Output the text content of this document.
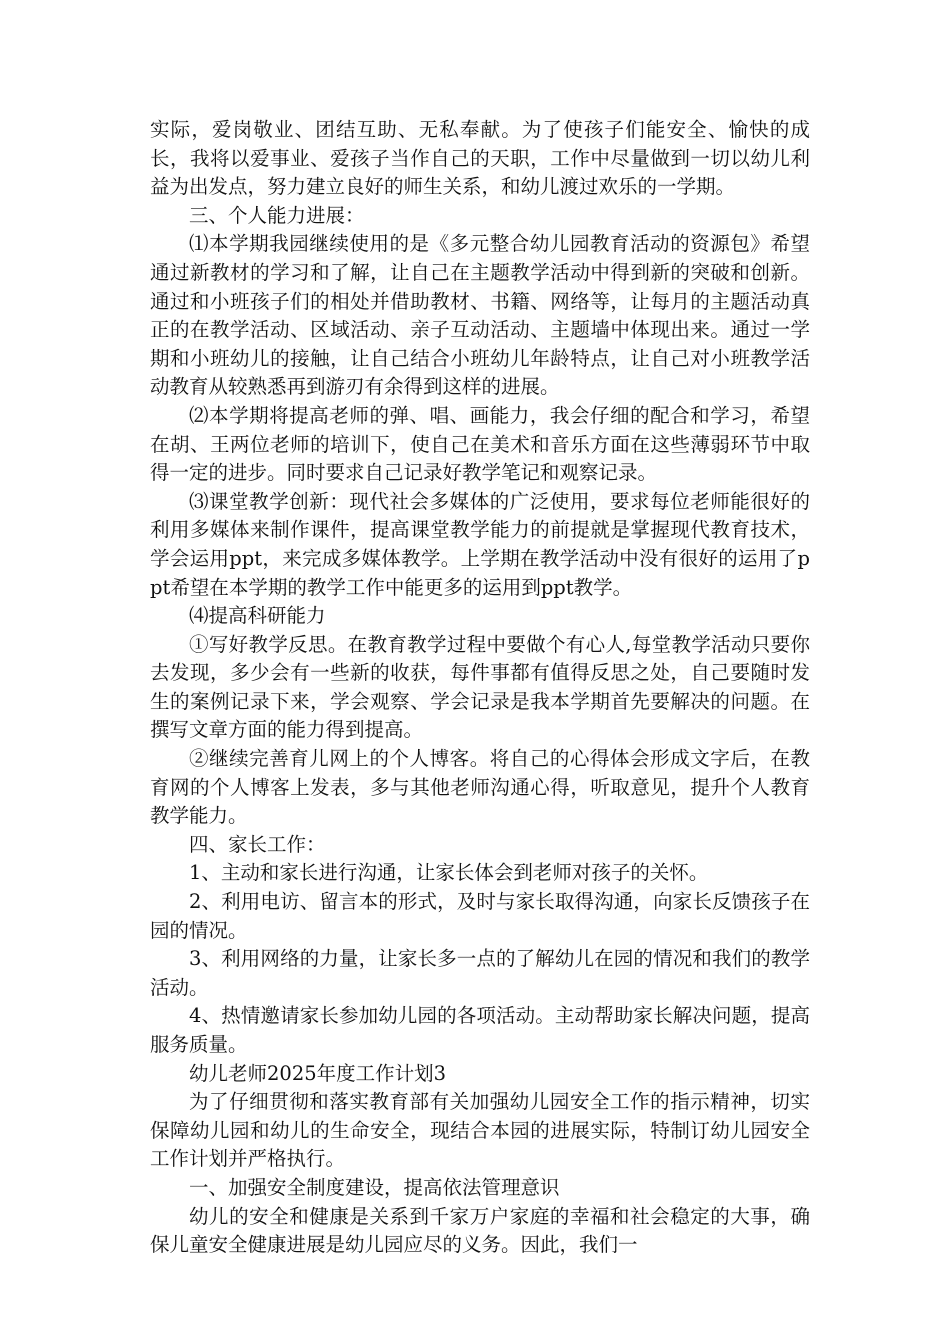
实际，爱岗敬业、团结互助、无私奉献。为了使孩子们能安全、愉快的成长，我将以爱事业、爱孩子当作自己的天职，工作中尽量做到一切以幼儿利益为出发点，努力建立良好的师生关系，和幼儿渡过欢乐的一学期。

三、个人能力进展：

⑴本学期我园继续使用的是《多元整合幼儿园教育活动的资源包》希望通过新教材的学习和了解，让自己在主题教学活动中得到新的突破和创新。通过和小班孩子们的相处并借助教材、书籍、网络等，让每月的主题活动真正的在教学活动、区域活动、亲子互动活动、主题墙中体现出来。通过一学期和小班幼儿的接触，让自己结合小班幼儿年龄特点，让自己对小班教学活动教育从较熟悉再到游刃有余得到这样的进展。

⑵本学期将提高老师的弹、唱、画能力，我会仔细的配合和学习，希望在胡、王两位老师的培训下，使自己在美术和音乐方面在这些薄弱环节中取得一定的进步。同时要求自己记录好教学笔记和观察记录。

⑶课堂教学创新：现代社会多媒体的广泛使用，要求每位老师能很好的利用多媒体来制作课件，提高课堂教学能力的前提就是掌握现代教育技术，学会运用ppt，来完成多媒体教学。上学期在教学活动中没有很好的运用了ppt希望在本学期的教学工作中能更多的运用到ppt教学。

⑷提高科研能力

①写好教学反思。在教育教学过程中要做个有心人,每堂教学活动只要你去发现，多少会有一些新的收获，每件事都有值得反思之处，自己要随时发生的案例记录下来，学会观察、学会记录是我本学期首先要解决的问题。在撰写文章方面的能力得到提高。

②继续完善育儿网上的个人博客。将自己的心得体会形成文字后，在教育网的个人博客上发表，多与其他老师沟通心得，听取意见，提升个人教育教学能力。

四、家长工作：

1、主动和家长进行沟通，让家长体会到老师对孩子的关怀。

2、利用电访、留言本的形式，及时与家长取得沟通，向家长反馈孩子在园的情况。

3、利用网络的力量，让家长多一点的了解幼儿在园的情况和我们的教学活动。

4、热情邀请家长参加幼儿园的各项活动。主动帮助家长解决问题，提高服务质量。

幼儿老师2025年度工作计划3

为了仔细贯彻和落实教育部有关加强幼儿园安全工作的指示精神，切实保障幼儿园和幼儿的生命安全，现结合本园的进展实际，特制订幼儿园安全工作计划并严格执行。

一、加强安全制度建设，提高依法管理意识

幼儿的安全和健康是关系到千家万户家庭的幸福和社会稳定的大事，确保儿童安全健康进展是幼儿园应尽的义务。因此，我们一
